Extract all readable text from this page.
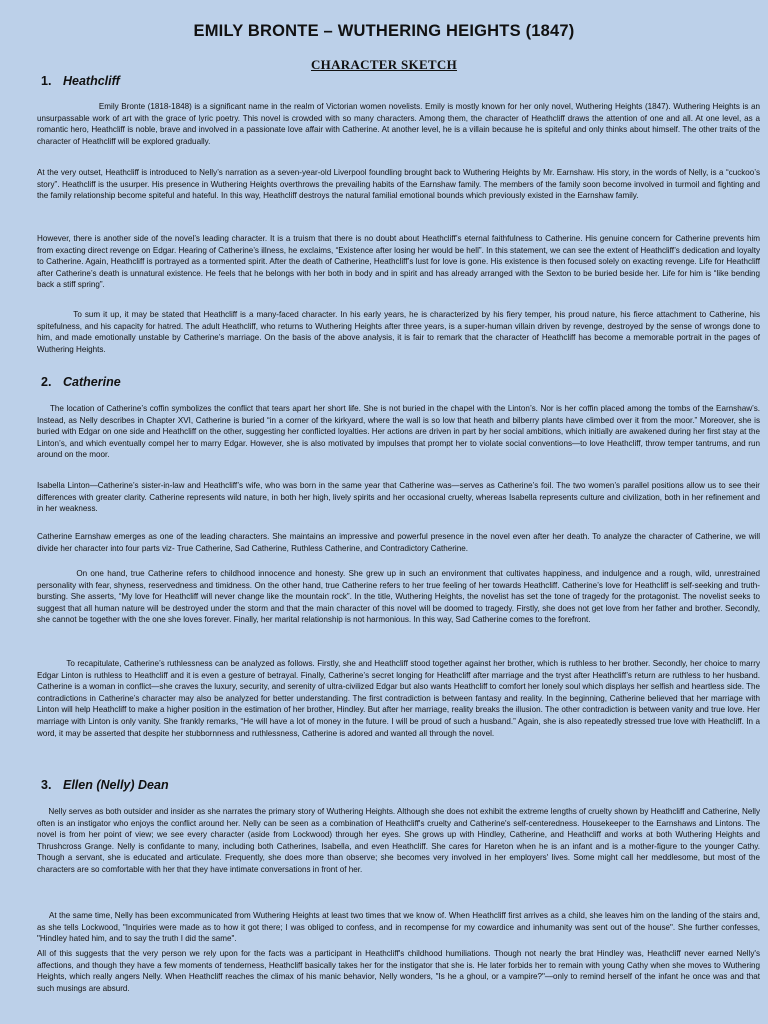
EMILY BRONTE – WUTHERING HEIGHTS (1847)
CHARACTER SKETCH
1. Heathcliff

Emily Bronte (1818-1848) is a significant name in the realm of Victorian women novelists. Emily is mostly known for her only novel, Wuthering Heights (1847). Wuthering Heights is an unsurpassable work of art with the grace of lyric poetry. This novel is crowded with so many characters. Among them, the character of Heathcliff draws the attention of one and all. At one level, as a romantic hero, Heathcliff is noble, brave and involved in a passionate love affair with Catherine. At another level, he is a villain because he is spiteful and only thinks about himself. The other traits of the character of Heathcliff will be explored gradually.

At the very outset, Heathcliff is introduced to Nelly’s narration as a seven-year-old Liverpool foundling brought back to Wuthering Heights by Mr. Earnshaw. His story, in the words of Nelly, is a “cuckoo’s story”. Heathcliff is the usurper. His presence in Wuthering Heights overthrows the prevailing habits of the Earnshaw family. The members of the family soon become involved in turmoil and fighting and the family relationship become spiteful and hateful. In this way, Heathcliff destroys the natural familial emotional bounds which previously existed in the Earnshaw family.

However, there is another side of the novel’s leading character. It is a truism that there is no doubt about Heathcliff’s eternal faithfulness to Catherine. His genuine concern for Catherine prevents him from exacting direct revenge on Edgar. Hearing of Catherine’s illness, he exclaims, “Existence after losing her would be hell”. In this statement, we can see the extent of Heathcliff’s dedication and loyalty to Catherine. Again, Heathcliff is portrayed as a tormented spirit. After the death of Catherine, Heathcliff’s lust for love is gone. His existence is then focused solely on exacting revenge. Life for Heathcliff after Catherine’s death is unnatural existence. He feels that he belongs with her both in body and in spirit and has already arranged with the Sexton to be buried beside her. Life for him is “like bending back a stiff spring”.

To sum it up, it may be stated that Heathcliff is a many-faced character. In his early years, he is characterized by his fiery temper, his proud nature, his fierce attachment to Catherine, his spitefulness, and his capacity for hatred. The adult Heathcliff, who returns to Wuthering Heights after three years, is a super-human villain driven by revenge, destroyed by the sense of wrongs done to him, and made emotionally unstable by Catherine’s marriage. On the basis of the above analysis, it is fair to remark that the character of Heathcliff has become a memorable portrait in the pages of Wuthering Heights.

2. Catherine

The location of Catherine’s coffin symbolizes the conflict that tears apart her short life. She is not buried in the chapel with the Linton’s. Nor is her coffin placed among the tombs of the Earnshaw’s. Instead, as Nelly describes in Chapter XVI, Catherine is buried “in a corner of the kirkyard, where the wall is so low that heath and bilberry plants have climbed over it from the moor.” Moreover, she is buried with Edgar on one side and Heathcliff on the other, suggesting her conflicted loyalties. Her actions are driven in part by her social ambitions, which initially are awakened during her first stay at the Linton’s, and which eventually compel her to marry Edgar. However, she is also motivated by impulses that prompt her to violate social conventions—to love Heathcliff, throw temper tantrums, and run around on the moor.

Isabella Linton—Catherine’s sister-in-law and Heathcliff’s wife, who was born in the same year that Catherine was—serves as Catherine’s foil. The two women’s parallel positions allow us to see their differences with greater clarity. Catherine represents wild nature, in both her high, lively spirits and her occasional cruelty, whereas Isabella represents culture and civilization, both in her refinement and in her weakness.

Catherine Earnshaw emerges as one of the leading characters. She maintains an impressive and powerful presence in the novel even after her death. To analyze the character of Catherine, we will divide her character into four parts viz- True Catherine, Sad Catherine, Ruthless Catherine, and Contradictory Catherine.

On one hand, true Catherine refers to childhood innocence and honesty. She grew up in such an environment that cultivates happiness, and indulgence and a rough, wild, unrestrained personality with fear, shyness, reservedness and timidness. On the other hand, true Catherine refers to her true feeling of her towards Heathcliff. Catherine’s love for Heathcliff is self-seeking and truth-bursting. She asserts, “My love for Heathcliff will never change like the mountain rock”. In the title, Wuthering Heights, the novelist has set the tone of tragedy for the protagonist. The novelist seeks to suggest that all human nature will be destroyed under the storm and that the main character of this novel will be doomed to tragedy. Firstly, she does not get love from her father and brother. Secondly, she cannot be together with the one she loves forever. Finally, her marital relationship is not harmonious. In this way, Sad Catherine comes to the forefront.

To recapitulate, Catherine’s ruthlessness can be analyzed as follows. Firstly, she and Heathcliff stood together against her brother, which is ruthless to her brother. Secondly, her choice to marry Edgar Linton is ruthless to Heathcliff and it is even a gesture of betrayal. Finally, Catherine’s secret longing for Heathcliff after marriage and the tryst after Heathcliff’s return are ruthless to her husband. Catherine is a woman in conflict—she craves the luxury, security, and serenity of ultra-civilized Edgar but also wants Heathcliff to comfort her lonely soul which displays her selfish and heartless side. The contradictions in Catherine’s character may also be analyzed for better understanding. The first contradiction is between fantasy and reality. In the beginning, Catherine believed that her marriage with Linton will help Heathcliff to make a higher position in the estimation of her brother, Hindley. But after her marriage, reality breaks the illusion. The other contradiction is between vanity and true love. Her marriage with Linton is only vanity. She frankly remarks, “He will have a lot of money in the future. I will be proud of such a husband.” Again, she is also repeatedly stressed true love with Heathcliff. In a word, it may be asserted that despite her stubbornness and ruthlessness, Catherine is adored and wanted all through the novel.

3. Ellen (Nelly) Dean

Nelly serves as both outsider and insider as she narrates the primary story of Wuthering Heights. Although she does not exhibit the extreme lengths of cruelty shown by Heathcliff and Catherine, Nelly often is an instigator who enjoys the conflict around her. Nelly can be seen as a combination of Heathcliff's cruelty and Catherine's self-centeredness. Housekeeper to the Earnshaws and Lintons. The novel is from her point of view; we see every character (aside from Lockwood) through her eyes. She grows up with Hindley, Catherine, and Heathcliff and works at both Wuthering Heights and Thrushcross Grange. Nelly is confidante to many, including both Catherines, Isabella, and even Heathcliff. She cares for Hareton when he is an infant and is a mother-figure to the younger Cathy. Though a servant, she is educated and articulate. Frequently, she does more than observe; she becomes very involved in her employers' lives. Some might call her meddlesome, but most of the characters are so comfortable with her that they have intimate conversations in front of her.

At the same time, Nelly has been excommunicated from Wuthering Heights at least two times that we know of. When Heathcliff first arrives as a child, she leaves him on the landing of the stairs and, as she tells Lockwood, "Inquiries were made as to how it got there; I was obliged to confess, and in recompense for my cowardice and inhumanity was sent out of the house". She further confesses, "Hindley hated him, and to say the truth I did the same".

All of this suggests that the very person we rely upon for the facts was a participant in Heathcliff's childhood humiliations. Though not nearly the brat Hindley was, Heathcliff never earned Nelly's affections, and though they have a few moments of tenderness, Heathcliff basically takes her for the instigator that she is. He later forbids her to remain with young Cathy when she moves to Wuthering Heights, which really angers Nelly. When Heathcliff reaches the climax of his manic behavior, Nelly wonders, "Is he a ghoul, or a vampire?"—only to remind herself of the infant he once was and that such musings are absurd.
